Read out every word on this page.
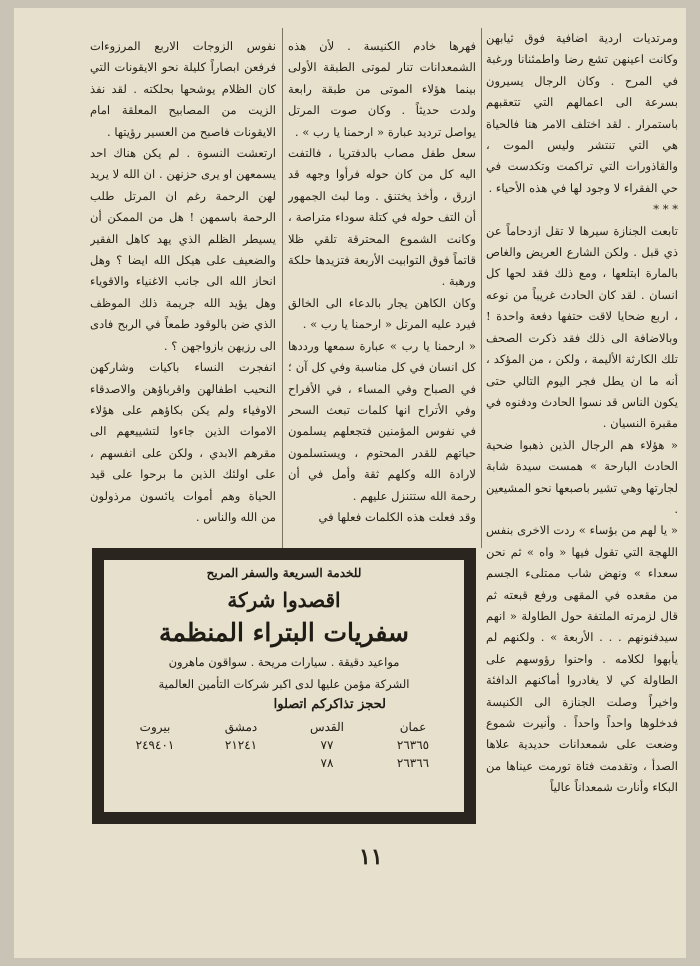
ومرتديات اردية اضافية فوق ثيابهن وكانت اعينهن تشع رضا واطمئنانا ورغبة في المرح . وكان الرجال يسيرون بسرعة الى اعمالهم التي تتعقبهم باستمرار . لقد اختلف الامر هنا فالحياة هي التي تنتشر وليس الموت ، والقاذورات التي تراكمت وتكدست في حي الفقراء لا وجود لها في هذه الأحياء .
* * *
تابعت الجنازة سيرها لا تقل ازدحاماً عن ذي قبل . ولكن الشارع العريض والغاص بالمارة ابتلعها ، ومع ذلك فقد لحها كل انسان . لقد كان الحادث غريباً من نوعه ، اربع ضحايا لاقت حتفها دفعة واحدة ! وبالاضافة الى ذلك فقد ذكرت الصحف تلك الكارثة الأليمة ، ولكن ، من المؤكد ، أنه ما ان يطل فجر اليوم التالي حتى يكون الناس قد نسوا الحادث ودفنوه في مقبرة النسيان .
« هؤلاء هم الرجال الذين ذهبوا ضحية الحادث البارحة » همست سيدة شابة لجارتها وهي تشير باصبعها نحو المشيعين .
« يا لهم من بؤساء » ردت الاخرى بنفس اللهجة التي تقول فيها « واه » ثم نحن سعداء » ونهض شاب ممتلىء الجسم من مقعده في المقهى ورفع قبعته ثم قال لزمرته الملتفة حول الطاولة « انهم سيدفنونهم . . . الأربعة » . ولكنهم لم يأبهوا لكلامه . واحنوا رؤوسهم على الطاولة كي لا يغادروا أماكنهم الدافئة واخيراً وصلت الجنازة الى الكنيسة فدخلوها واحداً واحداً . وأنيرت شموع وضعت على شمعدانات حديدية علاها الصدأ ، وتقدمت فتاة تورمت عيناها من البكاء وأنارت شمعداناً عالياً
فهرها خادم الكنيسة . لأن هذه الشمعدانات تنار لموتى الطبقة الأولى بينما هؤلاء الموتى من طبقة رابعة ولدت حديثاً . وكان صوت المرتل يواصل ترديد عبارة « ارحمنا يا رب » .
سعل طفل مصاب بالدفتريا ، فالتفت اليه كل من كان حوله فرأوا وجهه قد ازرق ، وأخذ يختنق . وما لبث الجمهور أن التف حوله في كتلة سوداء متراصة ، وكانت الشموع المحترقة تلقي ظلا قاتماً فوق التوابيت الأربعة فتزيدها حلكة ورهبة .
وكان الكاهن يجار بالدعاء الى الخالق فيرد عليه المرتل « ارحمنا يا رب » .
« ارحمنا يا رب » عبارة سمعها ورددها كل انسان في كل مناسبة وفي كل آن ؛ في الصباح وفي المساء ، في الأفراح وفي الأتراح انها كلمات تبعث السحر في نفوس المؤمنين فتجعلهم يسلمون حياتهم للقدر المحتوم ، ويستسلمون لارادة الله وكلهم ثقة وأمل في أن رحمة الله ستتنزل عليهم .
وقد فعلت هذه الكلمات فعلها في
نفوس الزوجات الاربع المرزوءات فرفعن ابصاراً كليلة نحو الايقونات التي كان الظلام يوشحها بحلكته . لقد نفذ الزيت من المصابيح المعلقة امام الايقونات فاصبح من العسير رؤيتها .
ارتعشت النسوة . لم يكن هناك احد يسمعهن او يرى حزنهن . ان الله لا يريد لهن الرحمة رغم ان المرتل طلب الرحمة باسمهن ! هل من الممكن أن يسيطر الظلم الذي يهد كاهل الفقير والضعيف على هيكل الله ايضا ؟ وهل انحاز الله الى جانب الاغنياء والاقوياء وهل يؤيد الله جريمة ذلك الموظف الذي ضن بالوقود طمعاً في الربح فادى الى رزيهن بازواجهن ؟ .
انفجرت النساء باكيات وشاركهن النحيب اطفالهن واقرباؤهن والاصدقاء الاوفياء ولم يكن بكاؤهم على هؤلاء الاموات الذين جاءوا لتشييعهم الى مقرهم الابدي ، ولكن على انفسهم ، على اولئك الذين ما برحوا على قيد الحياة وهم أموات يائسون مرذولون من الله والناس .
للخدمة السريعة والسفر المريح
اقصدوا شركة
سفريات البتراء المنظمة
مواعيد دقيقة . سيارات مريحة . سواقون ماهرون
الشركة مؤمن عليها لدى اكبر شركات التأمين العالمية
لحجز تذاكركم اتصلوا
عمان
القدس
دمشق
بيروت
٢٦٣٦٥
٧٧
٢١٢٤١
٢٤٩٤٠١
٢٦٣٦٦
٧٨
١١
